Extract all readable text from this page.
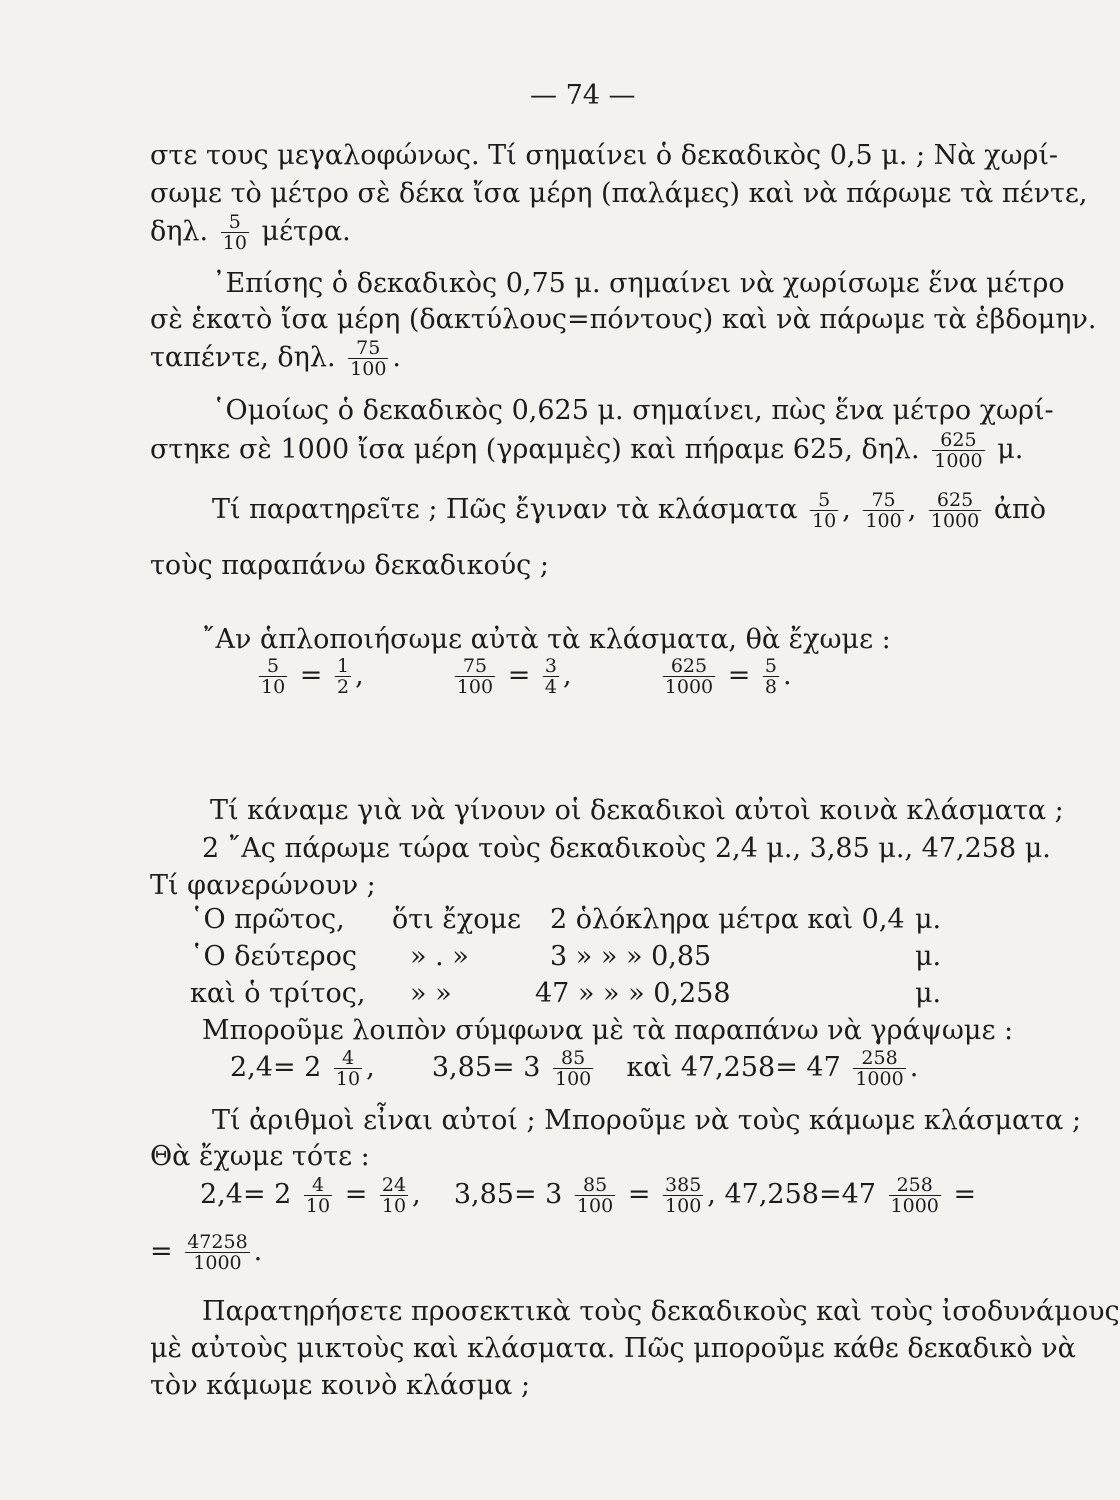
— 74 —
στε τους μεγαλοφώνως. Τί σημαίνει ὁ δεκαδικὸς 0,5 μ. ; Νὰ χωρί-
σωμε τὸ μέτρο σὲ δέκα ἴσα μέρη (παλάμες) καὶ νὰ πάρωμε τὰ πέντε,
δηλ. $\frac{5}{10} \mu έ\tau\rho\alpha$.
᾿Επίσης ὁ δεκαδικὸς 0,75 μ. σημαίνει νὰ χωρίσωμε ἕνα μέτρο
σὲ ἑκατὸ ἴσα μέρη (δακτύλους=πόντους) καὶ νὰ πάρωμε τὰ ἑβδομην.
ταπέντε, δηλ. $\frac{75}{100}$ .
῾Ομοίως ὁ δεκαδικὸς 0,625 μ. σημαίνει, πὼς ἕνα μέτρο χωρί-
στηκε σὲ 1000 ἴσα μέρη (γραμμὲς) καὶ πήραμε 625, δηλ. $\frac{625}{1000} \mu$.
Τί παρατηρεῖτε ; Πῶς ἔγιναν τὰ κλάσματα $\frac{5}{10}$ , $\frac{75}{100}$ , $\frac{625}{1000}$ ἀπὸ
τοὺς παραπάνω δεκαδικούς ;
῎Αν ἁπλοποιήσωμε αὐτὰ τὰ κλάσματα, θὰ ἔχωμε :
$\frac{5}{10} = \frac{1}{2}$ ,	$\frac{75}{100} = \frac{3}{4}$ ,	$\frac{625}{1000} = \frac{5}{8}$ .
Τί κάναμε γιὰ νὰ γίνουν οἱ δεκαδικοὶ αὐτοὶ κοινὰ κλάσματα ;
2 ῎Ας πάρωμε τώρα τοὺς δεκαδικοὺς 2,4 μ., 3,85 μ., 47,258 μ.
Τί φανερώνουν ;
῾Ο πρῶτος, ὅτι ἔχομε 2 ὁλόκληρα μέτρα καὶ 0,4 μ.
῾Ο δεύτερος » . »	3 » » » 0,85	μ.
καὶ ὁ τρίτος, » »	47 » » » 0,258	μ.
Μποροῦμε λοιπὸν σύμφωνα μὲ τὰ παραπάνω νὰ γράψωμε :
$2,4= 2 \frac{4}{10}$ ,  $3,85= 3 \frac{85}{100}$ καὶ $47,258= 47 \frac{258}{1000}$ .
Τί ἀριθμοὶ εἶναι αὐτοί ; Μποροῦμε νὰ τοὺς κάμωμε κλάσματα ;
Θὰ ἔχωμε τότε :
$2,4= 2 \frac{4}{10} = \frac{24}{10}$ ,  $3,85= 3 \frac{85}{100} = \frac{385}{100}$ , $47,258=47 \frac{258}{1000}$ =
= $\frac{47258}{1000}$ .
Παρατηρήσετε προσεκτικὰ τοὺς δεκαδικοὺς καὶ τοὺς ἰσοδυνάμους
μὲ αὐτοὺς μικτοὺς καὶ κλάσματα. Πῶς μποροῦμε κάθε δεκαδικὸ νὰ
τὸν κάμωμε κοινὸ κλάσμα ;
